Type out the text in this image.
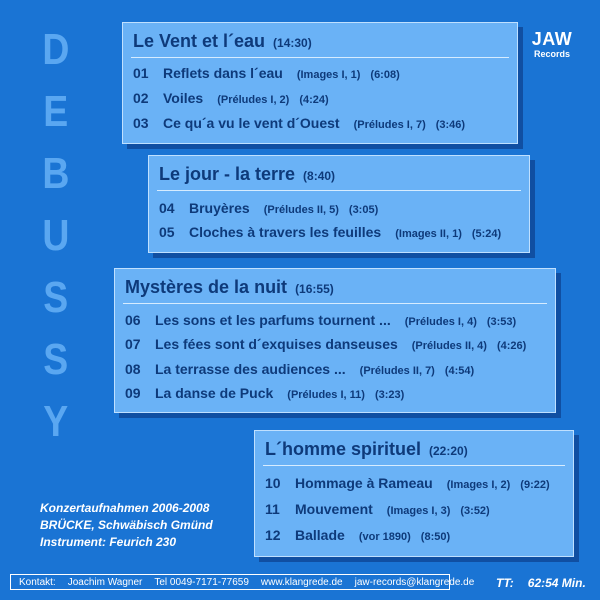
D
E
B
U
S
S
Y
JAW
Records
Le Vent et l´eau (14:30)
01	Reflets dans l´eau (Images I, 1) (6:08)
02	Voiles (Préludes I, 2) (4:24)
03	Ce qu´a vu le vent d´Ouest (Préludes I, 7) (3:46)
Le jour - la terre (8:40)
04	Bruyères (Préludes II, 5) (3:05)
05	Cloches à travers les feuilles (Images II, 1) (5:24)
Mystères de la nuit (16:55)
06	Les sons et les parfums tournent ... (Préludes I, 4) (3:53)
07	Les fées sont d´exquises danseuses (Préludes II, 4) (4:26)
08	La terrasse des audiences ... (Préludes II, 7) (4:54)
09	La danse de Puck (Préludes I, 11) (3:23)
L´homme spirituel (22:20)
10	Hommage à Rameau (Images I, 2) (9:22)
11	Mouvement (Images I, 3) (3:52)
12	Ballade (vor 1890) (8:50)
Konzertaufnahmen 2006-2008
BRÜCKE, Schwäbisch Gmünd
Instrument: Feurich 230
Kontakt: Joachim Wagner Tel 0049-7171-77659 www.klangrede.de jaw-records@klangrede.de TT: 62:54 Min.
